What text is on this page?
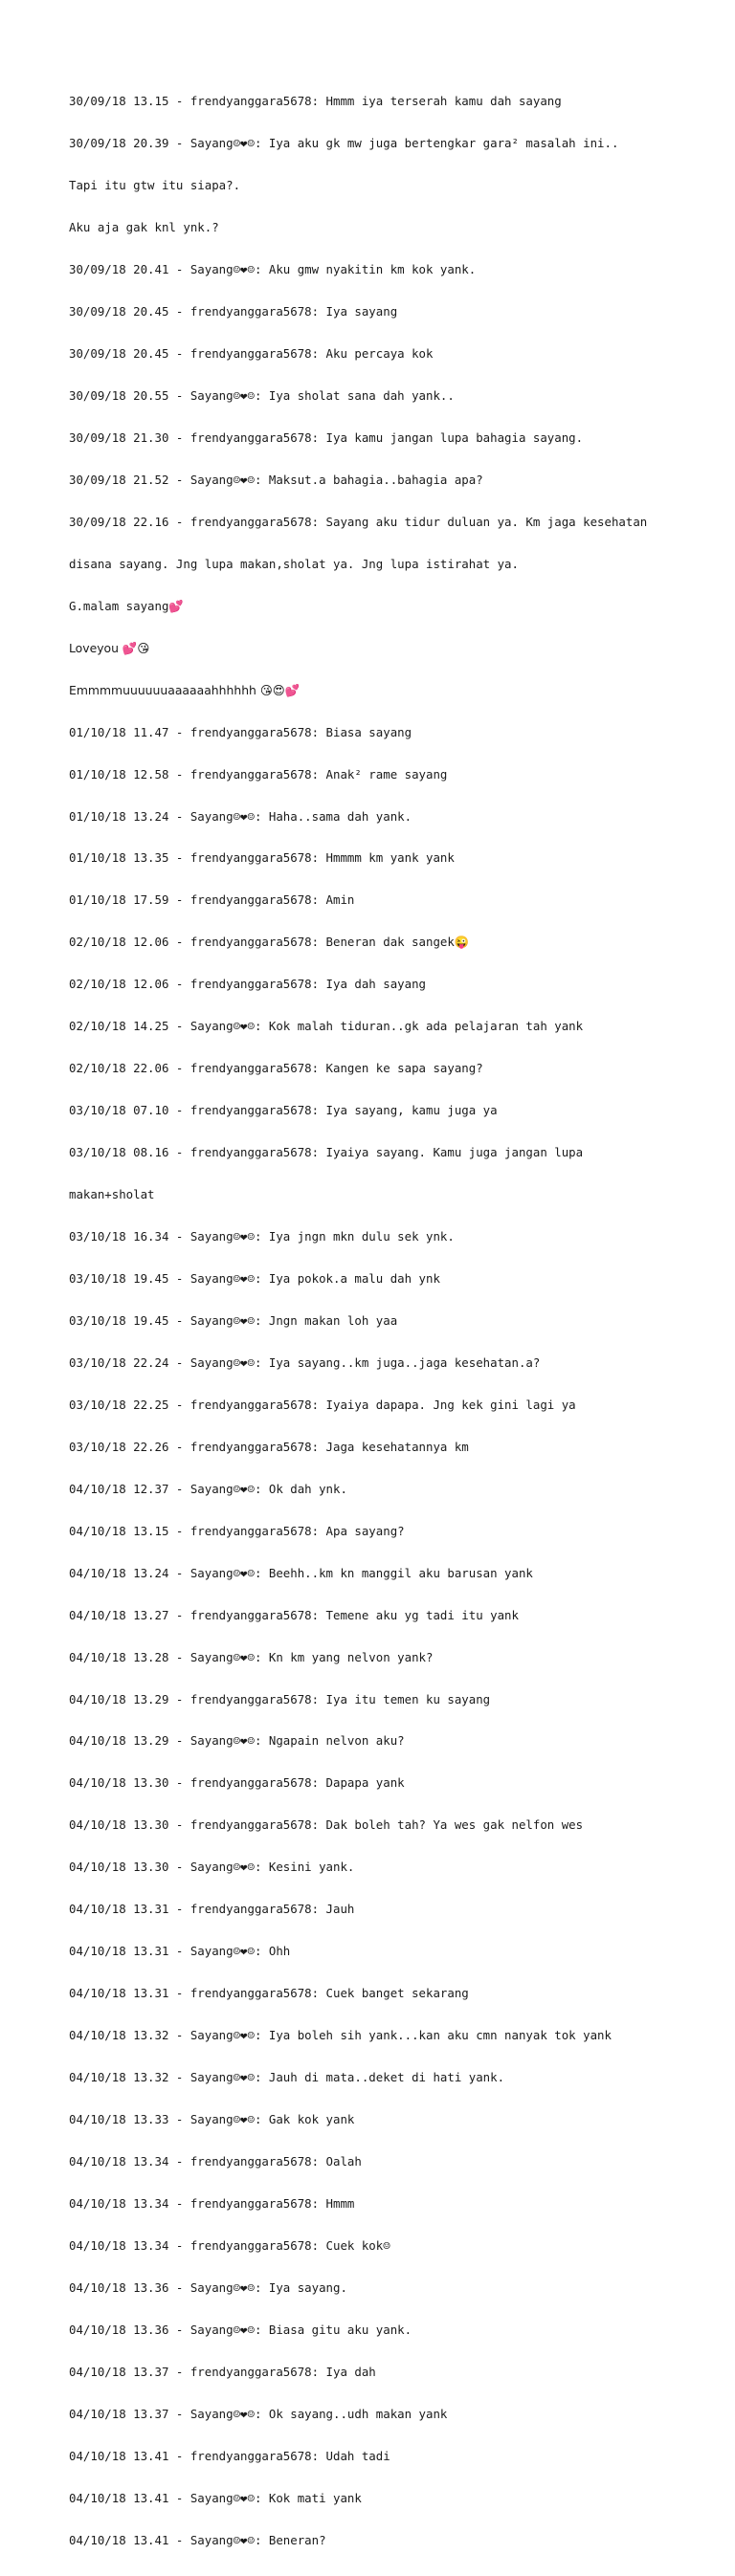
30/09/18 13.15 - frendyanggara5678: Hmmm iya terserah kamu dah sayang

30/09/18 20.39 - Sayang☺❤☺: Iya aku gk mw juga bertengkar gara² masalah ini..

Tapi itu gtw itu siapa?.

Aku aja gak knl ynk.?

30/09/18 20.41 - Sayang☺❤☺: Aku gmw nyakitin km kok yank.

30/09/18 20.45 - frendyanggara5678: Iya sayang

30/09/18 20.45 - frendyanggara5678: Aku percaya kok

30/09/18 20.55 - Sayang☺❤☺: Iya sholat sana dah yank..

30/09/18 21.30 - frendyanggara5678: Iya kamu jangan lupa bahagia sayang.

30/09/18 21.52 - Sayang☺❤☺: Maksut.a bahagia..bahagia apa?

30/09/18 22.16 - frendyanggara5678: Sayang aku tidur duluan ya. Km jaga kesehatan

disana sayang. Jng lupa makan,sholat ya. Jng lupa istirahat ya.

G.malam sayang💕

Loveyou 💕😘

Emmmmuuuuuuaaaaaahhhhhh 😘😍💕

01/10/18 11.47 - frendyanggara5678: Biasa sayang

01/10/18 12.58 - frendyanggara5678: Anak² rame sayang

01/10/18 13.24 - Sayang☺❤☺: Haha..sama dah yank.

01/10/18 13.35 - frendyanggara5678: Hmmmm km yank yank

01/10/18 17.59 - frendyanggara5678: Amin

02/10/18 12.06 - frendyanggara5678: Beneran dak sangek😜

02/10/18 12.06 - frendyanggara5678: Iya dah sayang

02/10/18 14.25 - Sayang☺❤☺: Kok malah tiduran..gk ada pelajaran tah yank

02/10/18 22.06 - frendyanggara5678: Kangen ke sapa sayang?

03/10/18 07.10 - frendyanggara5678: Iya sayang, kamu juga ya

03/10/18 08.16 - frendyanggara5678: Iyaiya sayang. Kamu juga jangan lupa

makan+sholat

03/10/18 16.34 - Sayang☺❤☺: Iya jngn mkn dulu sek ynk.

03/10/18 19.45 - Sayang☺❤☺: Iya pokok.a malu dah ynk

03/10/18 19.45 - Sayang☺❤☺: Jngn makan loh yaa

03/10/18 22.24 - Sayang☺❤☺: Iya sayang..km juga..jaga kesehatan.a?

03/10/18 22.25 - frendyanggara5678: Iyaiya dapapa. Jng kek gini lagi ya

03/10/18 22.26 - frendyanggara5678: Jaga kesehatannya km

04/10/18 12.37 - Sayang☺❤☺: Ok dah ynk.

04/10/18 13.15 - frendyanggara5678: Apa sayang?

04/10/18 13.24 - Sayang☺❤☺: Beehh..km kn manggil aku barusan yank

04/10/18 13.27 - frendyanggara5678: Temene aku yg tadi itu yank

04/10/18 13.28 - Sayang☺❤☺: Kn km yang nelvon yank?

04/10/18 13.29 - frendyanggara5678: Iya itu temen ku sayang

04/10/18 13.29 - Sayang☺❤☺: Ngapain nelvon aku?

04/10/18 13.30 - frendyanggara5678: Dapapa yank

04/10/18 13.30 - frendyanggara5678: Dak boleh tah? Ya wes gak nelfon wes

04/10/18 13.30 - Sayang☺❤☺: Kesini yank.

04/10/18 13.31 - frendyanggara5678: Jauh

04/10/18 13.31 - Sayang☺❤☺: Ohh

04/10/18 13.31 - frendyanggara5678: Cuek banget sekarang

04/10/18 13.32 - Sayang☺❤☺: Iya boleh sih yank...kan aku cmn nanyak tok yank

04/10/18 13.32 - Sayang☺❤☺: Jauh di mata..deket di hati yank.

04/10/18 13.33 - Sayang☺❤☺: Gak kok yank

04/10/18 13.34 - frendyanggara5678: Oalah

04/10/18 13.34 - frendyanggara5678: Hmmm

04/10/18 13.34 - frendyanggara5678: Cuek kok☺

04/10/18 13.36 - Sayang☺❤☺: Iya sayang.

04/10/18 13.36 - Sayang☺❤☺: Biasa gitu aku yank.

04/10/18 13.37 - frendyanggara5678: Iya dah

04/10/18 13.37 - Sayang☺❤☺: Ok sayang..udh makan yank

04/10/18 13.41 - frendyanggara5678: Udah tadi

04/10/18 13.41 - Sayang☺❤☺: Kok mati yank

04/10/18 13.41 - Sayang☺❤☺: Beneran?
